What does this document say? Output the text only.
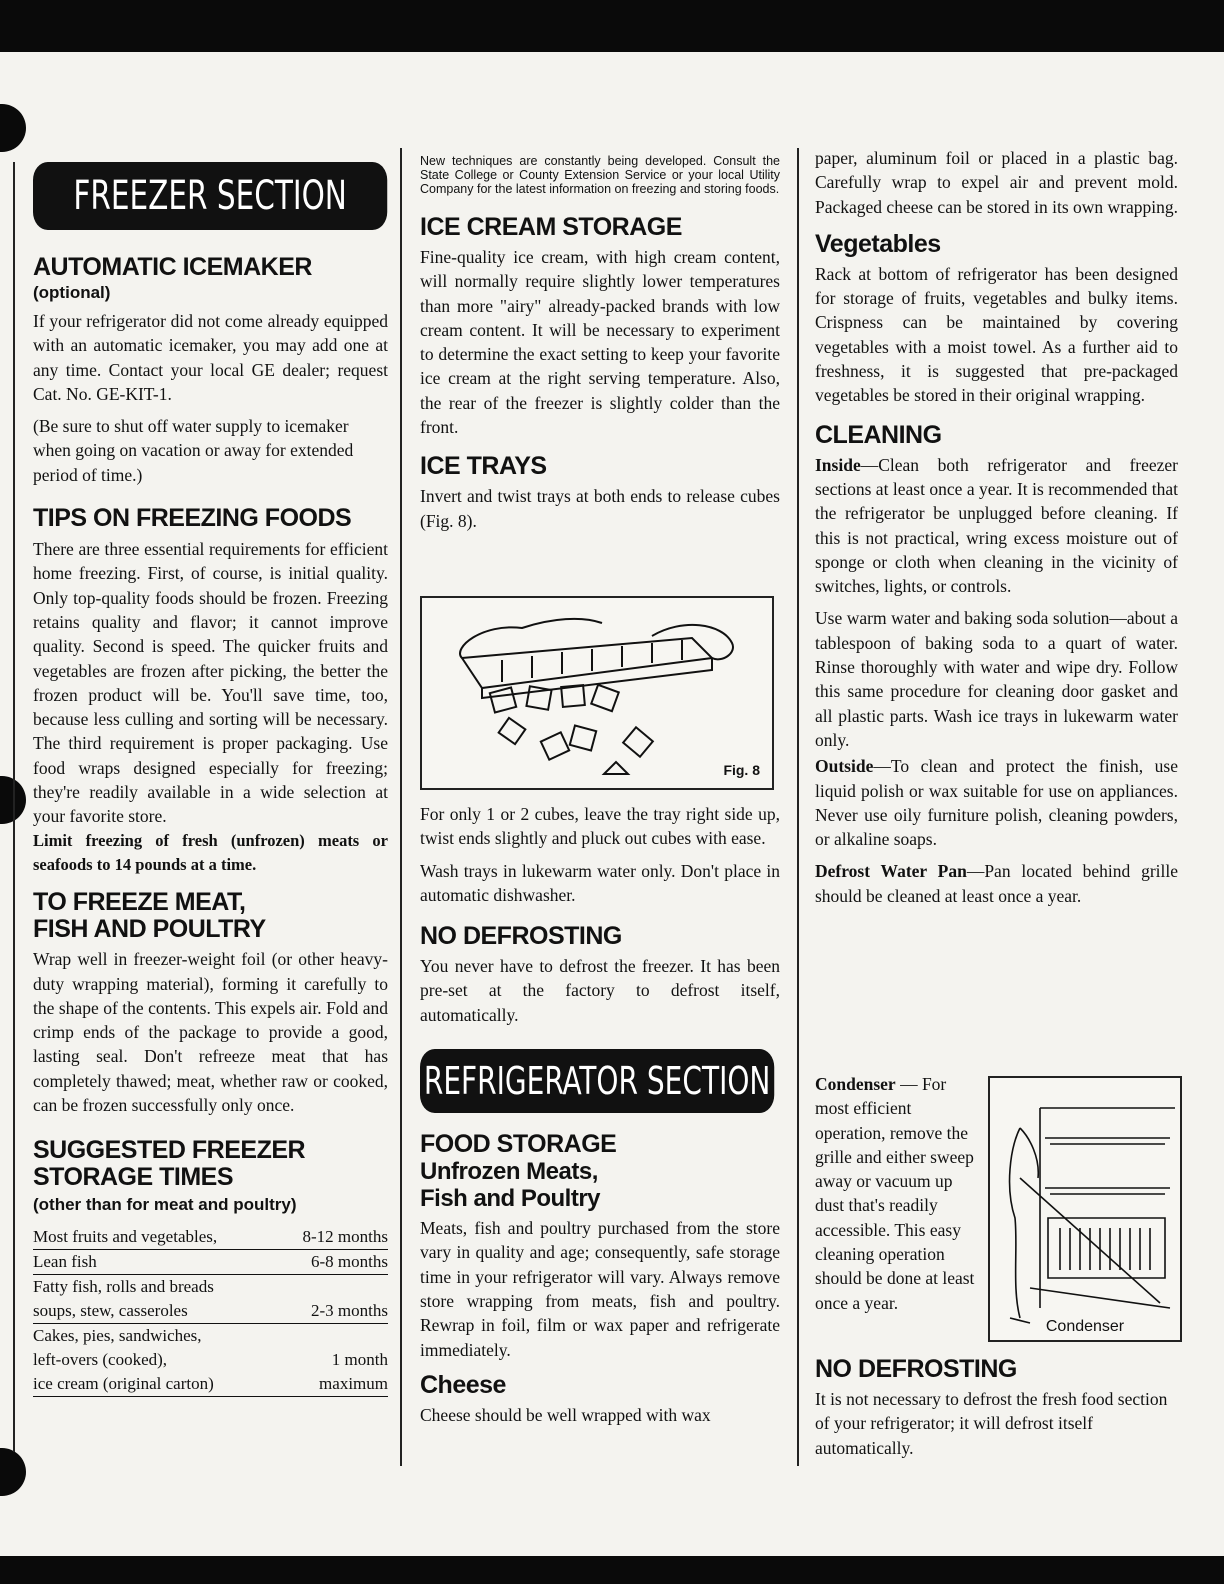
FREEZER SECTION
AUTOMATIC ICEMAKER
(optional)

If your refrigerator did not come already equipped with an automatic icemaker, you may add one at any time. Contact your local GE dealer; request Cat. No. GE-KIT-1.

(Be sure to shut off water supply to icemaker when going on vacation or away for extended period of time.)

TIPS ON FREEZING FOODS

There are three essential requirements for efficient home freezing. First, of course, is initial quality. Only top-quality foods should be frozen. Freezing retains quality and flavor; it cannot improve quality. Second is speed. The quicker fruits and vegetables are frozen after picking, the better the frozen product will be. You'll save time, too, because less culling and sorting will be necessary. The third requirement is proper packaging. Use food wraps designed especially for freezing; they're readily available in a wide selection at your favorite store.

Limit freezing of fresh (unfrozen) meats or seafoods to 14 pounds at a time.

TO FREEZE MEAT,
FISH AND POULTRY

Wrap well in freezer-weight foil (or other heavy-duty wrapping material), forming it carefully to the shape of the contents. This expels air. Fold and crimp ends of the package to provide a good, lasting seal. Don't refreeze meat that has completely thawed; meat, whether raw or cooked, can be frozen successfully only once.

SUGGESTED FREEZER
STORAGE TIMES
(other than for meat and poultry)
Most fruits and vegetables,	8-12 months
Lean fish	6-8 months
Fatty fish, rolls and breads	
soups, stew, casseroles	2-3 months
Cakes, pies, sandwiches,	
left-overs (cooked),	1 month
ice cream (original carton)	maximum
New techniques are constantly being developed. Consult the State College or County Extension Service or your local Utility Company for the latest information on freezing and storing foods.
ICE CREAM STORAGE

Fine-quality ice cream, with high cream content, will normally require slightly lower temperatures than more "airy" already-packed brands with low cream content. It will be necessary to experiment to determine the exact setting to keep your favorite ice cream at the right serving temperature. Also, the rear of the freezer is slightly colder than the front.

ICE TRAYS

Invert and twist trays at both ends to release cubes (Fig. 8).

Fig. 8

For only 1 or 2 cubes, leave the tray right side up, twist ends slightly and pluck out cubes with ease.

Wash trays in lukewarm water only. Don't place in automatic dishwasher.

NO DEFROSTING

You never have to defrost the freezer. It has been pre-set at the factory to defrost itself, automatically.

REFRIGERATOR SECTION
FOOD STORAGE
Unfrozen Meats,
Fish and Poultry

Meats, fish and poultry purchased from the store vary in quality and age; consequently, safe storage time in your refrigerator will vary. Always remove store wrapping from meats, fish and poultry. Rewrap in foil, film or wax paper and refrigerate immediately.

Cheese

Cheese should be well wrapped with wax

paper, aluminum foil or placed in a plastic bag. Carefully wrap to expel air and prevent mold. Packaged cheese can be stored in its own wrapping.

Vegetables

Rack at bottom of refrigerator has been designed for storage of fruits, vegetables and bulky items. Crispness can be maintained by covering vegetables with a moist towel. As a further aid to freshness, it is suggested that pre-packaged vegetables be stored in their original wrapping.

CLEANING

Inside—Clean both refrigerator and freezer sections at least once a year. It is recommended that the refrigerator be unplugged before cleaning. If this is not practical, wring excess moisture out of sponge or cloth when cleaning in the vicinity of switches, lights, or controls.

Use warm water and baking soda solution—about a tablespoon of baking soda to a quart of water. Rinse thoroughly with water and wipe dry. Follow this same procedure for cleaning door gasket and all plastic parts. Wash ice trays in lukewarm water only.

Outside—To clean and protect the finish, use liquid polish or wax suitable for use on appliances. Never use oily furniture polish, cleaning powders, or alkaline soaps.

Defrost Water Pan—Pan located behind grille should be cleaned at least once a year.

Condenser — For most efficient operation, remove the grille and either sweep away or vacuum up dust that's readily accessible. This easy cleaning operation should be done at least once a year.

Condenser
NO DEFROSTING

It is not necessary to defrost the fresh food section of your refrigerator; it will defrost itself automatically.
